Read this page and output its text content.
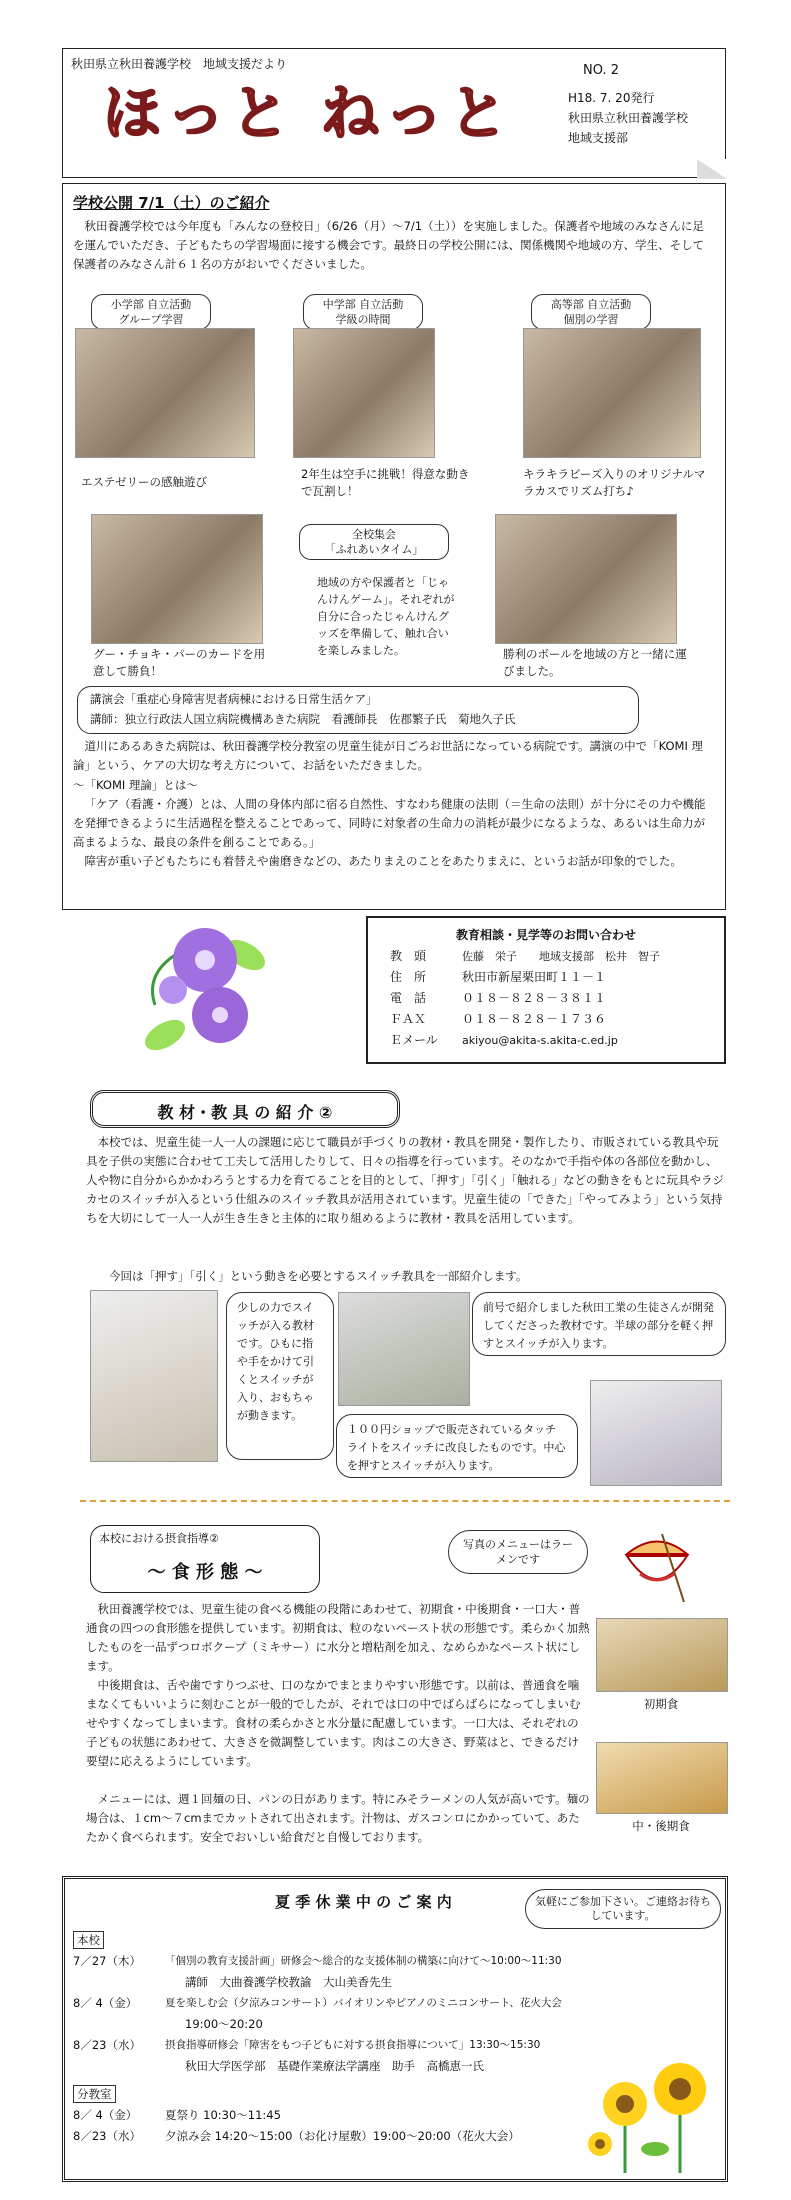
秋田県立秋田養護学校　地域支援だより
ほっと ねっと
NO. 2
H18. 7. 20発行
秋田県立秋田養護学校
地域支援部
学校公開 7/1（土）のご紹介
秋田養護学校では今年度も「みんなの登校日」（6/26（月）～7/1（土））を実施しました。保護者や地域のみなさんに足を運んでいただき、子どもたちの学習場面に接する機会です。最終日の学校公開には、関係機関や地域の方、学生、そして保護者のみなさん計６１名の方がおいでくださいました。
小学部 自立活動
グループ学習
中学部 自立活動
学級の時間
高等部 自立活動
個別の学習
エステゼリーの感触遊び
2年生は空手に挑戦！得意な動きで瓦割し！
キラキラビーズ入りのオリジナルマラカスでリズム打ち♪
全校集会
「ふれあいタイム」
地域の方や保護者と「じゃんけんゲーム」。それぞれが自分に合ったじゃんけんグッズを準備して、触れ合いを楽しみました。
グー・チョキ・パーのカードを用意して勝負！
勝利のボールを地域の方と一緒に運びました。
講演会「重症心身障害児者病棟における日常生活ケア」
講師：独立行政法人国立病院機構あきた病院　看護師長　佐郡繁子氏　菊地久子氏
道川にあるあきた病院は、秋田養護学校分教室の児童生徒が日ごろお世話になっている病院です。講演の中で「KOMI 理論」という、ケアの大切な考え方について、お話をいただきました。
～「KOMI 理論」とは～
「ケア（看護・介護）とは、人間の身体内部に宿る自然性、すなわち健康の法則（＝生命の法則）が十分にその力や機能を発揮できるように生活過程を整えることであって、同時に対象者の生命力の消耗が最少になるような、あるいは生命力が高まるような、最良の条件を創ることである。」
障害が重い子どもたちにも着替えや歯磨きなどの、あたりまえのことをあたりまえに、というお話が印象的でした。
教育相談・見学等のお問い合わせ
教　頭	佐藤　栄子　　地域支援部　松井　智子
住　所	秋田市新屋栗田町１１－１
電　話	０１８－８２８－３８１１
ＦＡＸ	０１８－８２８－１７３６
Ｅメール	akiyou@akita-s.akita-c.ed.jp
教 材・教 具 の 紹 介 ②
本校では、児童生徒一人一人の課題に応じて職員が手づくりの教材・教具を開発・製作したり、市販されている教具や玩具を子供の実態に合わせて工夫して活用したりして、日々の指導を行っています。そのなかで手指や体の各部位を動かし、人や物に自分からかかわろうとする力を育てることを目的として、「押す」「引く」「触れる」などの動きをもとに玩具やラジカセのスイッチが入るという仕組みのスイッチ教具が活用されています。児童生徒の「できた」「やってみよう」という気持ちを大切にして一人一人が生き生きと主体的に取り組めるように教材・教具を活用しています。
今回は「押す」「引く」という動きを必要とするスイッチ教具を一部紹介します。
少しの力でスイッチが入る教材です。ひもに指や手をかけて引くとスイッチが入り、おもちゃが動きます。
前号で紹介しました秋田工業の生徒さんが開発してくださった教材です。半球の部分を軽く押すとスイッチが入ります。
１００円ショップで販売されているタッチライトをスイッチに改良したものです。中心を押すとスイッチが入ります。
本校における摂食指導②
～ 食 形 態 ～
写真のメニューはラーメンです
秋田養護学校では、児童生徒の食べる機能の段階にあわせて、初期食・中後期食・一口大・普通食の四つの食形態を提供しています。初期食は、粒のないペースト状の形態です。柔らかく加熱したものを一品ずつロボクープ（ミキサー）に水分と増粘剤を加え、なめらかなペースト状にします。
中後期食は、舌や歯ですりつぶせ、口のなかでまとまりやすい形態です。以前は、普通食を噛まなくてもいいように刻むことが一般的でしたが、それでは口の中でばらばらになってしまいむせやすくなってしまいます。食材の柔らかさと水分量に配慮しています。一口大は、それぞれの子どもの状態にあわせて、大きさを微調整しています。肉はこの大きさ、野菜はと、できるだけ要望に応えるようにしています。
メニューには、週１回麺の日、パンの日があります。特にみそラーメンの人気が高いです。麺の場合は、１cm～７cmまでカットされて出されます。汁物は、ガスコンロにかかっていて、あたたかく食べられます。安全でおいしい給食だと自慢しております。
初期食
中・後期食
夏 季 休 業 中 の ご 案 内	気軽にご参加下さい。ご連絡お待ちしています。
本校
7／27（木）	「個別の教育支援計画」研修会～総合的な支援体制の構築に向けて～10:00～11:30
講師　大曲養護学校教諭　大山美香先生
8／ 4（金）	夏を楽しむ会（夕涼みコンサート）バイオリンやピアノのミニコンサート、花火大会
19:00～20:20
8／23（水）	摂食指導研修会「障害をもつ子どもに対する摂食指導について」13:30～15:30
秋田大学医学部　基礎作業療法学講座　助手　高橋恵一氏
分教室
8／ 4（金）	夏祭り 10:30～11:45
8／23（水）	夕涼み会 14:20～15:00（お化け屋敷）19:00～20:00（花火大会）
